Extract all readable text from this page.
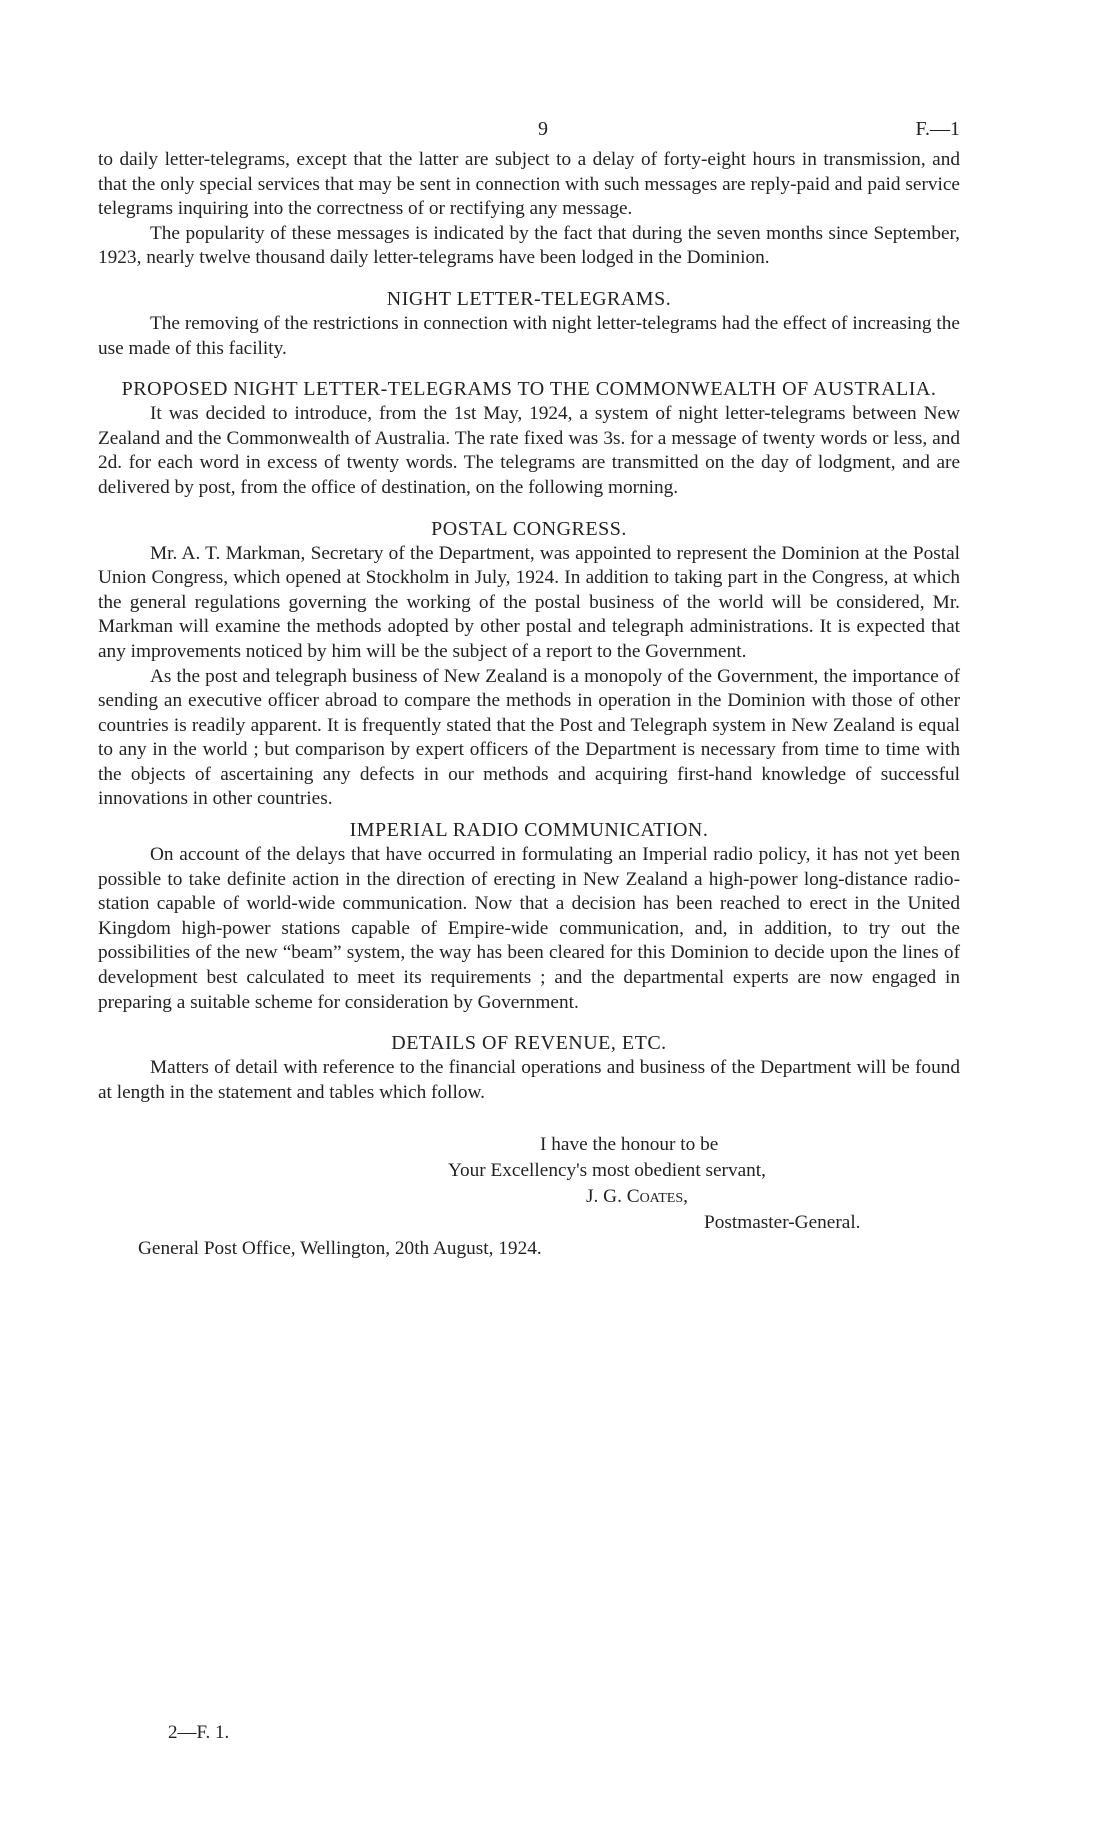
9	F.—1

to daily letter-telegrams, except that the latter are subject to a delay of forty-eight hours in transmission, and that the only special services that may be sent in connection with such messages are reply-paid and paid service telegrams inquiring into the correctness of or rectifying any message.

The popularity of these messages is indicated by the fact that during the seven months since September, 1923, nearly twelve thousand daily letter-telegrams have been lodged in the Dominion.

NIGHT LETTER-TELEGRAMS.

The removing of the restrictions in connection with night letter-telegrams had the effect of increasing the use made of this facility.

PROPOSED NIGHT LETTER-TELEGRAMS TO THE COMMONWEALTH OF AUSTRALIA.

It was decided to introduce, from the 1st May, 1924, a system of night letter-telegrams between New Zealand and the Commonwealth of Australia. The rate fixed was 3s. for a message of twenty words or less, and 2d. for each word in excess of twenty words. The telegrams are transmitted on the day of lodgment, and are delivered by post, from the office of destination, on the following morning.

POSTAL CONGRESS.

Mr. A. T. Markman, Secretary of the Department, was appointed to represent the Dominion at the Postal Union Congress, which opened at Stockholm in July, 1924. In addition to taking part in the Congress, at which the general regulations governing the working of the postal business of the world will be considered, Mr. Markman will examine the methods adopted by other postal and telegraph administrations. It is expected that any improvements noticed by him will be the subject of a report to the Government.

As the post and telegraph business of New Zealand is a monopoly of the Government, the importance of sending an executive officer abroad to compare the methods in operation in the Dominion with those of other countries is readily apparent. It is frequently stated that the Post and Telegraph system in New Zealand is equal to any in the world ; but comparison by expert officers of the Department is necessary from time to time with the objects of ascertaining any defects in our methods and acquiring first-hand knowledge of successful innovations in other countries.

IMPERIAL RADIO COMMUNICATION.

On account of the delays that have occurred in formulating an Imperial radio policy, it has not yet been possible to take definite action in the direction of erecting in New Zealand a high-power long-distance radio-station capable of world-wide communication. Now that a decision has been reached to erect in the United Kingdom high-power stations capable of Empire-wide communication, and, in addition, to try out the possibilities of the new “beam” system, the way has been cleared for this Dominion to decide upon the lines of development best calculated to meet its requirements ; and the departmental experts are now engaged in preparing a suitable scheme for consideration by Government.

DETAILS OF REVENUE, ETC.

Matters of detail with reference to the financial operations and business of the Department will be found at length in the statement and tables which follow.

I have the honour to be
Your Excellency's most obedient servant,
J. G. Coates,
Postmaster-General.
General Post Office, Wellington, 20th August, 1924.
2—F. 1.
